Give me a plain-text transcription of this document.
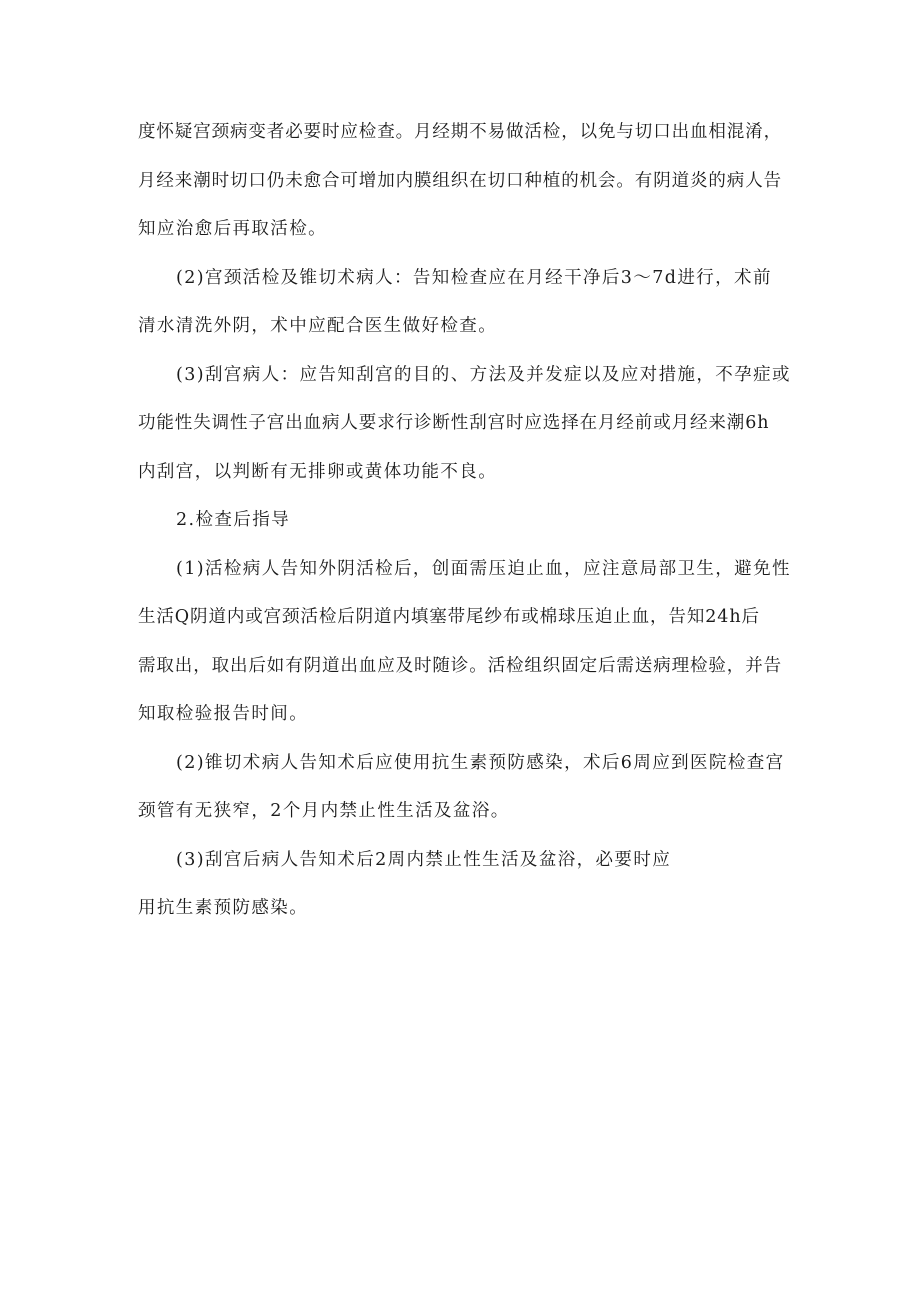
度怀疑宫颈病变者必要时应检查。月经期不易做活检，以免与切口出血相混淆，
月经来潮时切口仍未愈合可增加内膜组织在切口种植的机会。有阴道炎的病人告
知应治愈后再取活检。
(2)宫颈活检及锥切术病人：告知检查应在月经干净后3〜7d进行，术前
清水清洗外阴，术中应配合医生做好检查。
(3)刮宫病人：应告知刮宫的目的、方法及并发症以及应对措施，不孕症或
功能性失调性子宫出血病人要求行诊断性刮宫时应选择在月经前或月经来潮6h
内刮宫，以判断有无排卵或黄体功能不良。
2.检查后指导
(1)活检病人告知外阴活检后，创面需压迫止血，应注意局部卫生，避免性
生活Q阴道内或宫颈活检后阴道内填塞带尾纱布或棉球压迫止血，告知24h后
需取出，取出后如有阴道出血应及时随诊。活检组织固定后需送病理检验，并告
知取检验报告时间。
(2)锥切术病人告知术后应使用抗生素预防感染，术后6周应到医院检查宫
颈管有无狭窄，2个月内禁止性生活及盆浴。
(3)刮宫后病人告知术后2周内禁止性生活及盆浴，必要时应
用抗生素预防感染。
